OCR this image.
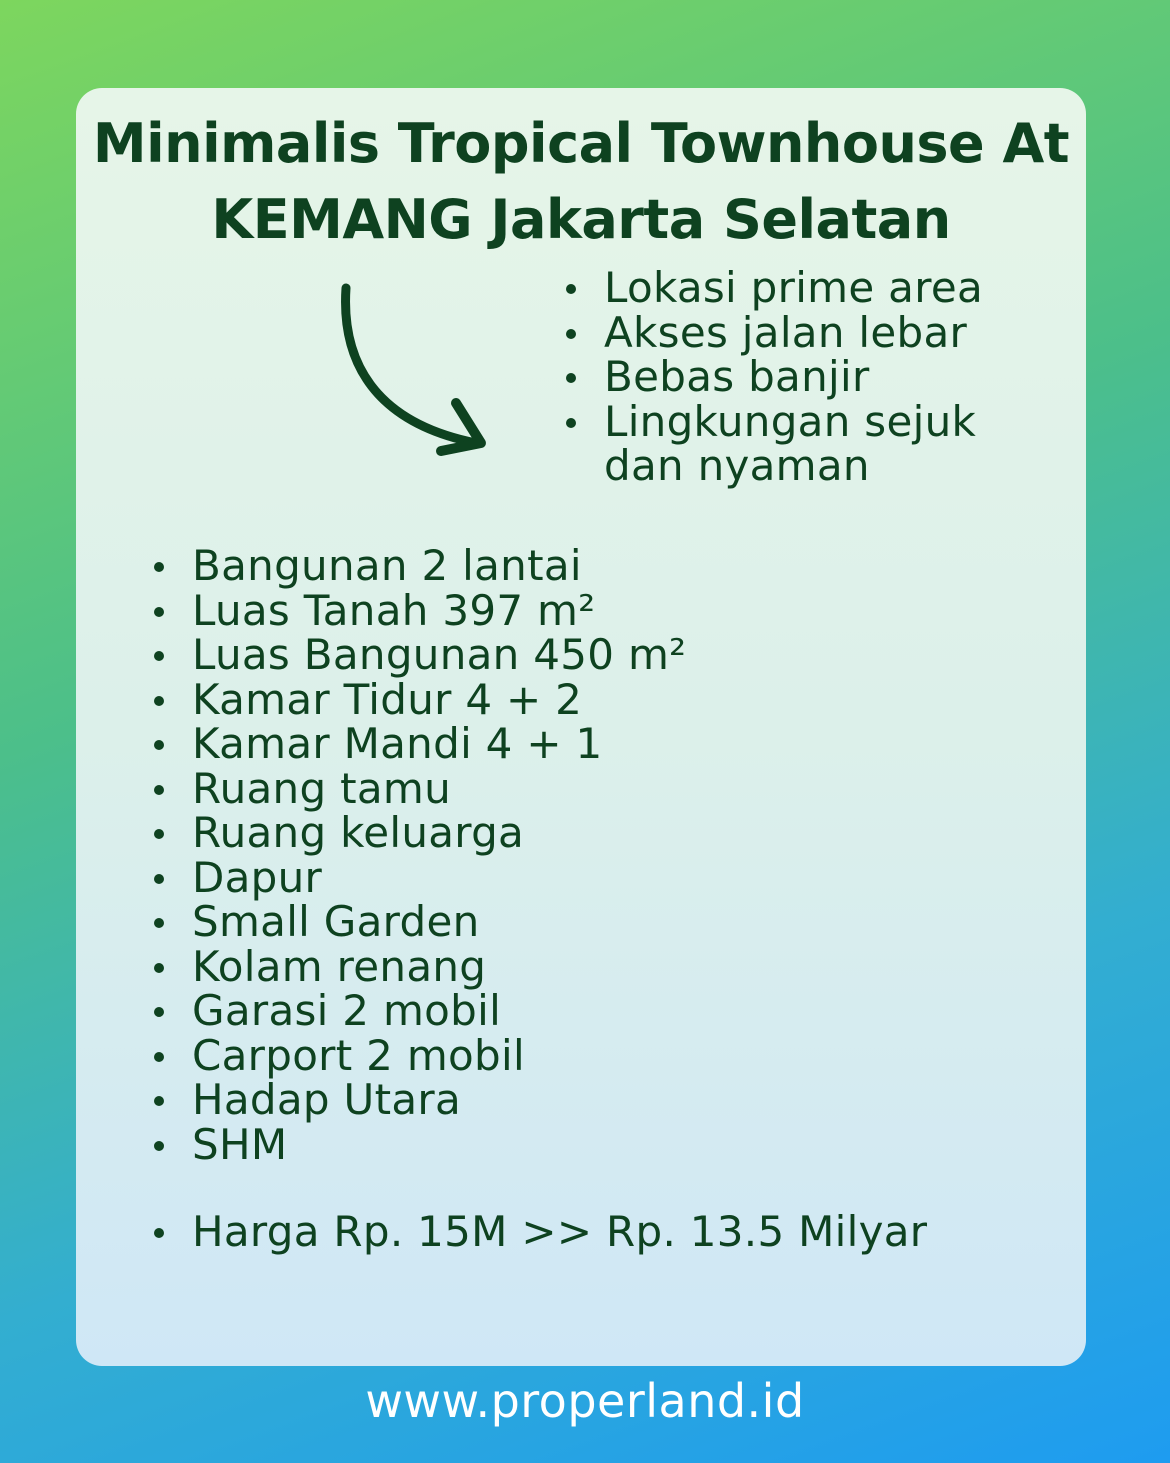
Minimalis Tropical Townhouse At
KEMANG Jakarta Selatan
Lokasi prime area
Akses jalan lebar
Bebas banjir
Lingkungan sejuk
dan nyaman
Bangunan 2 lantai
Luas Tanah 397 m²
Luas Bangunan 450 m²
Kamar Tidur 4 + 2
Kamar Mandi 4 + 1
Ruang tamu
Ruang keluarga
Dapur
Small Garden
Kolam renang
Garasi 2 mobil
Carport 2 mobil
Hadap Utara
SHM
Harga Rp. 15M >> Rp. 13.5 Milyar
www.properland.id
